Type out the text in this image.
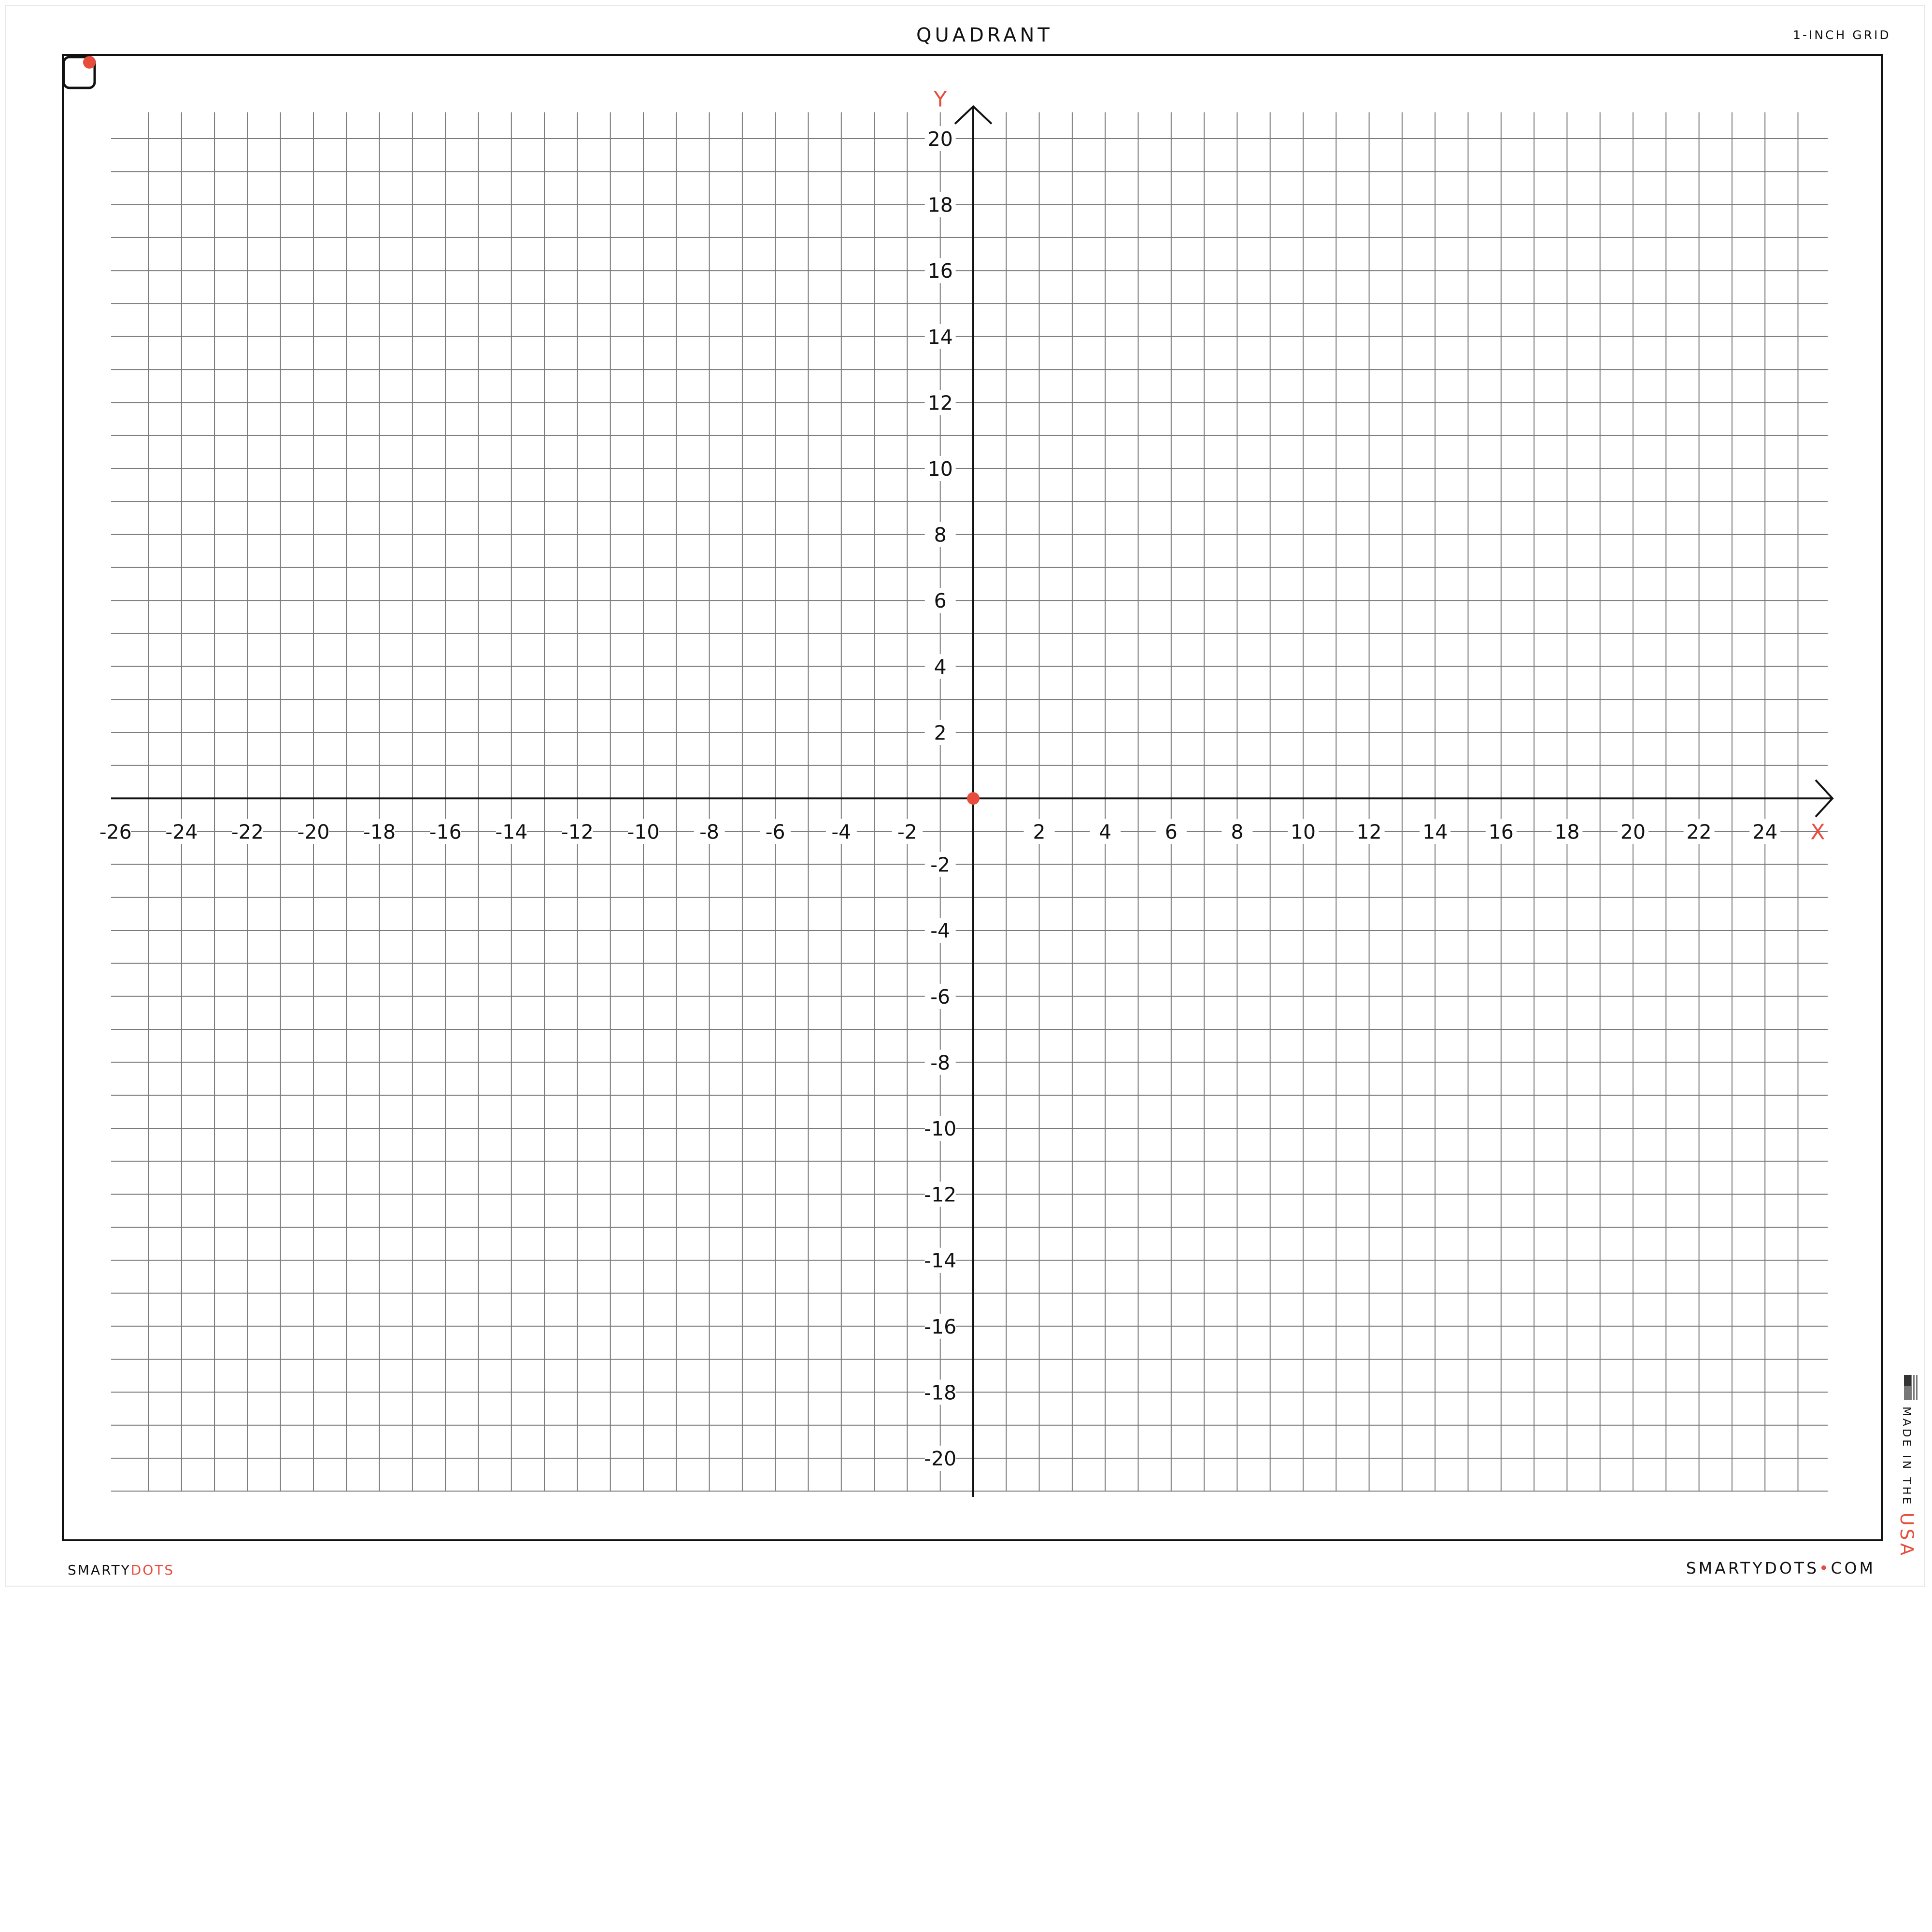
-26 -24 -22 -20 -18 -16 -14 -12 -10 -8 -6 -4 -2	2	4	6	8 10 12 14 16 18 20 22 24
20
18
16
14
12
10
8
6
4
2
-2
-4
-6
-8
-10
-12
-14
-16
-18
-20
X
Y
QUADRANT	1-INCH GRID
SMARTYDOTS	SMARTYDOTS•COM
MADE IN THE USA
